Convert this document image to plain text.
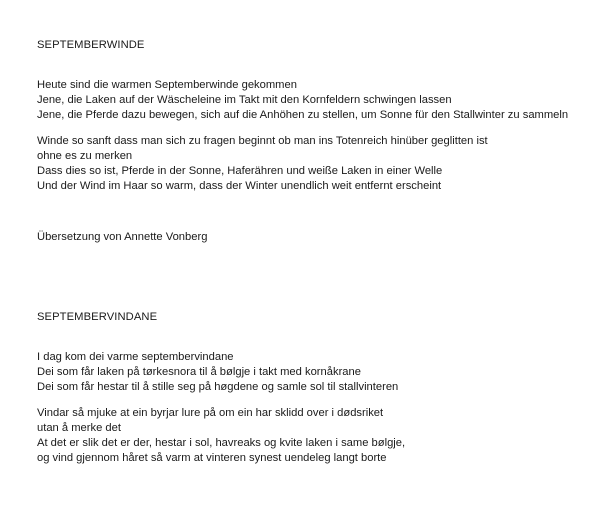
SEPTEMBERWINDE
Heute sind die warmen Septemberwinde gekommen
Jene, die Laken auf der Wäscheleine im Takt mit den Kornfeldern schwingen lassen
Jene, die Pferde dazu bewegen, sich auf die Anhöhen zu stellen, um Sonne für den Stallwinter zu sammeln
Winde so sanft dass man sich zu fragen beginnt ob man ins Totenreich hinüber geglitten ist
ohne es zu merken
Dass dies so ist, Pferde in der Sonne, Haferähren und weiße Laken in einer Welle
Und der Wind im Haar so warm, dass der Winter unendlich weit entfernt erscheint
Übersetzung von Annette Vonberg
SEPTEMBERVINDANE
I dag kom dei varme septembervindane
Dei som får laken på tørkesnora til å bølgje i takt med kornåkrane
Dei som får hestar til å stille seg på høgdene og samle sol til stallvinteren
Vindar så mjuke at ein byrjar lure på om ein har sklidd over i dødsriket
utan å merke det
At det er slik det er der, hestar i sol, havreaks og kvite laken i same bølgje,
og vind gjennom håret så varm at vinteren synest uendeleg langt borte
